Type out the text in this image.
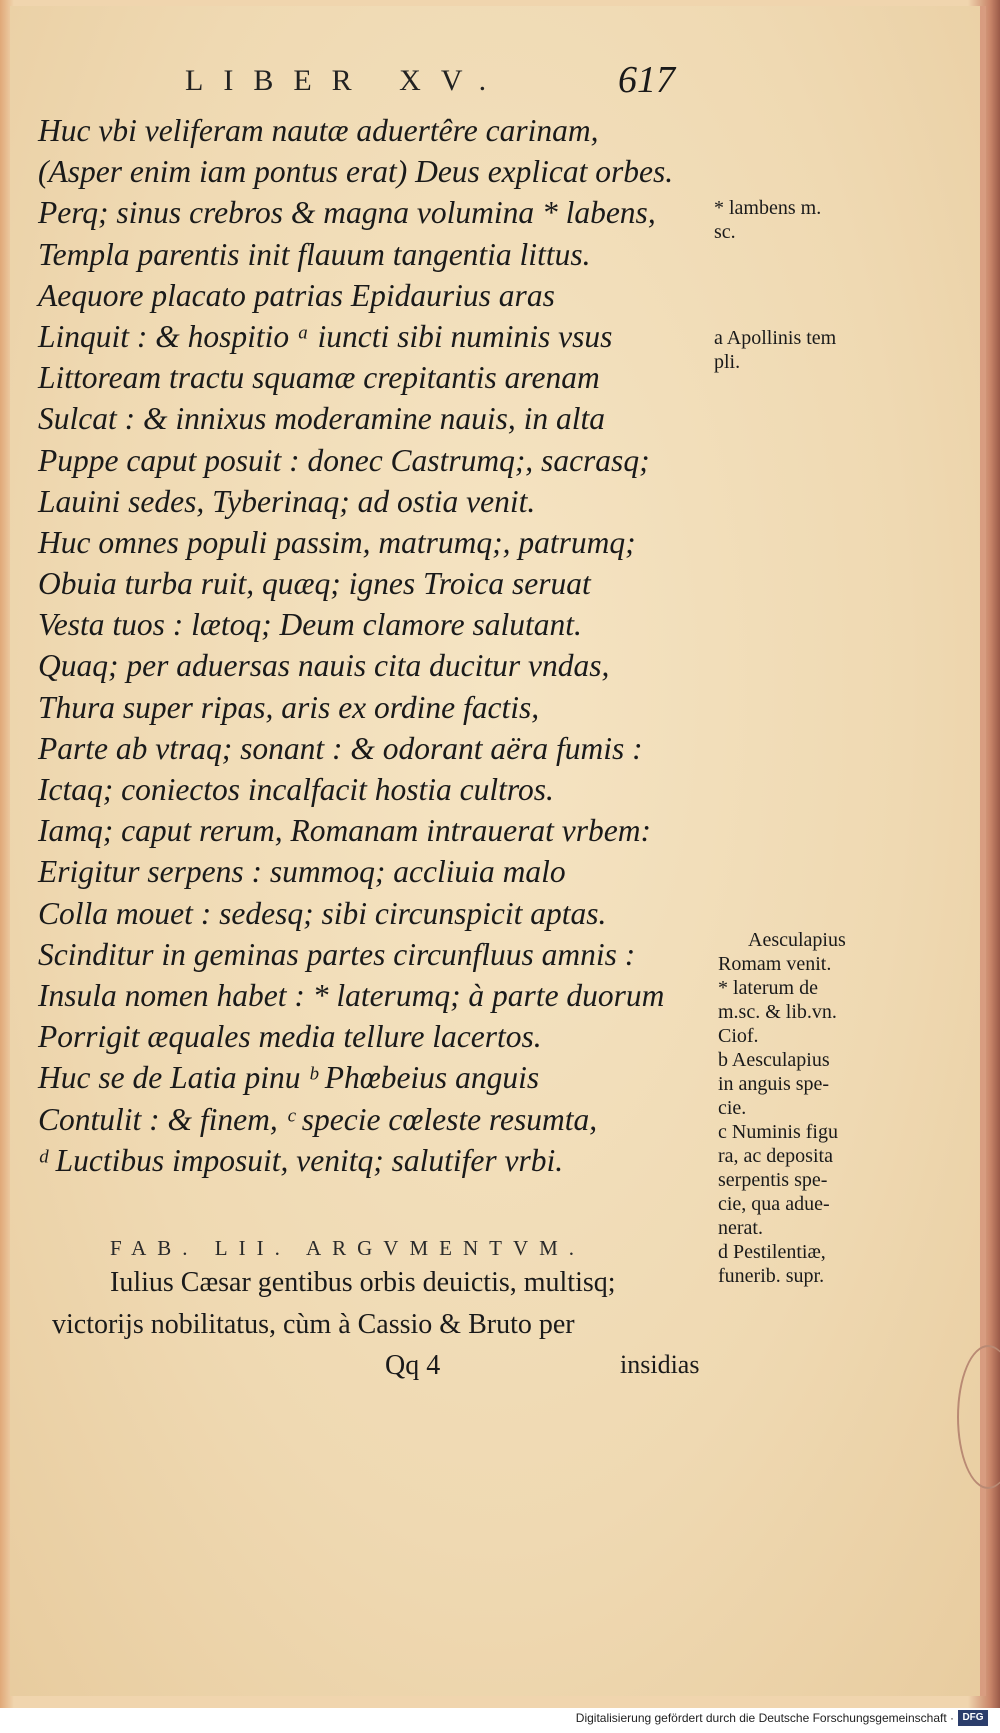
LIBER XV.	617
Huc vbi veliferam nautæ aduertêre carinam,
(Asper enim iam pontus erat) Deus explicat orbes.
Perq; sinus crebros & magna volumina * labens,
Templa parentis init flauum tangentia littus.
Aequore placato patrias Epidaurius aras
Linquit : & hospitio ᵃ iuncti sibi numinis vsus
Littoream tractu squamæ crepitantis arenam
Sulcat : & innixus moderamine nauis, in alta
Puppe caput posuit : donec Castrumq;, sacrasq;
Lauini sedes, Tyberinaq; ad ostia venit.
Huc omnes populi passim, matrumq;, patrumq;
Obuia turba ruit, quæq; ignes Troica seruat
Vesta tuos : lætoq; Deum clamore salutant.
Quaq; per aduersas nauis cita ducitur vndas,
Thura super ripas, aris ex ordine factis,
Parte ab vtraq; sonant : & odorant aëra fumis :
Ictaq; coniectos incalfacit hostia cultros.
Iamq; caput rerum, Romanam intrauerat vrbem:
Erigitur serpens : summoq; accliuia malo
Colla mouet : sedesq; sibi circunspicit aptas.
Scinditur in geminas partes circunfluus amnis :
Insula nomen habet : * laterumq; à parte duorum
Porrigit æquales media tellure lacertos.
Huc se de Latia pinu ᵇ Phœbeius anguis
Contulit : & finem, ᶜ specie cœleste resumta,
ᵈ Luctibus imposuit, venitq; salutifer vrbi.
* lambens m.
sc.
a Apollinis tem
pli.
Aesculapius
Romam venit.
* laterum de
m.sc. & lib.vn.
Ciof.
b Aesculapius
in anguis spe-
cie.
c Numinis figu
ra, ac deposita
serpentis spe-
cie, qua adue-
nerat.
d Pestilentiæ,
funerib. supr.
FAB. LII. ARGVMENTVM.
Iulius Cæsar gentibus orbis deuictis, multisq;
victorijs nobilitatus, cùm à Cassio & Bruto per
Qq 4	insidias
Digitalisierung gefördert durch die Deutsche Forschungsgemeinschaft · DFG
